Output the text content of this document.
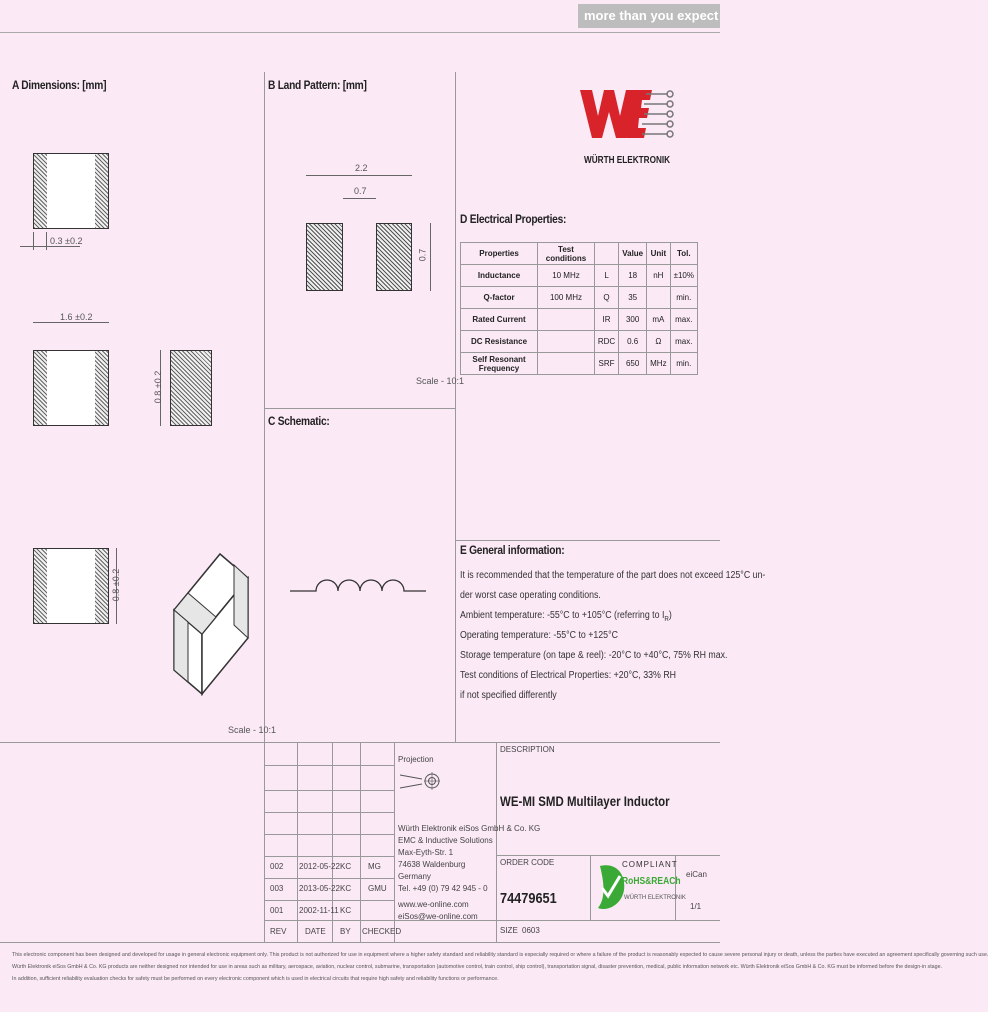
more than you expect
A Dimensions: [mm]	B Land Pattern: [mm]
C Schematic:
D Electrical Properties:
E General information:
0.3 ±0.2
1.6 ±0.2
0.8 ±0.2
0.8 ±0.2
Scale - 10:1
2.2
0.7
0.7
Scale - 10:1
WÜRTH ELEKTRONIK
Properties	Test conditions		Value	Unit	Tol.
Inductance	10 MHz	L	18	nH	±10%
Q-factor	100 MHz	Q	35		min.
Rated Current		IR	300	mA	max.
DC Resistance		RDC	0.6	Ω	max.
Self Resonant Frequency		SRF	650	MHz	min.
It is recommended that the temperature of the part does not exceed 125°C un-
der worst case operating conditions.
Ambient temperature: -55°C to +105°C (referring to $I_R$)
Operating temperature: -55°C to +125°C
Storage temperature (on tape & reel): -20°C to +40°C, 75% RH max.
Test conditions of Electrical Properties: +20°C, 33% RH
if not specified differently
Projection
DESCRIPTION
WE-MI SMD Multilayer Inductor
Würth Elektronik eiSos GmbH & Co. KG
EMC & Inductive Solutions
Max-Eyth-Str. 1
74638 Waldenburg
Germany
Tel. +49 (0) 79 42 945 - 0
www.we-online.com
eiSos@we-online.com
ORDER CODE
74479651
SIZE 0603
eiCan
1/1
COMPLIANT
RoHS&REACh
WÜRTH ELEKTRONIK
002 2012-05-22 KC MG
003 2013-05-22 KC GMU
001 2002-11-11 KC
REV DATE BY CHECKED
This electronic component has been designed and developed for usage in general electronic equipment only. This product is not authorized for use in equipment where a higher safety standard and reliability standard is especially required or where a failure of the product is reasonably expected to cause severe personal injury or death, unless the parties have executed an agreement specifically governing such use.
Würth Elektronik eiSos GmbH & Co. KG products are neither designed nor intended for use in areas such as military, aerospace, aviation, nuclear control, submarine, transportation (automotive control, train control, ship control), transportation signal, disaster prevention, medical, public information network etc. Würth Elektronik eiSos GmbH & Co. KG must be informed before the design-in stage.
In addition, sufficient reliability evaluation checks for safety must be performed on every electronic component which is used in electrical circuits that require high safety and reliability functions or performance.
